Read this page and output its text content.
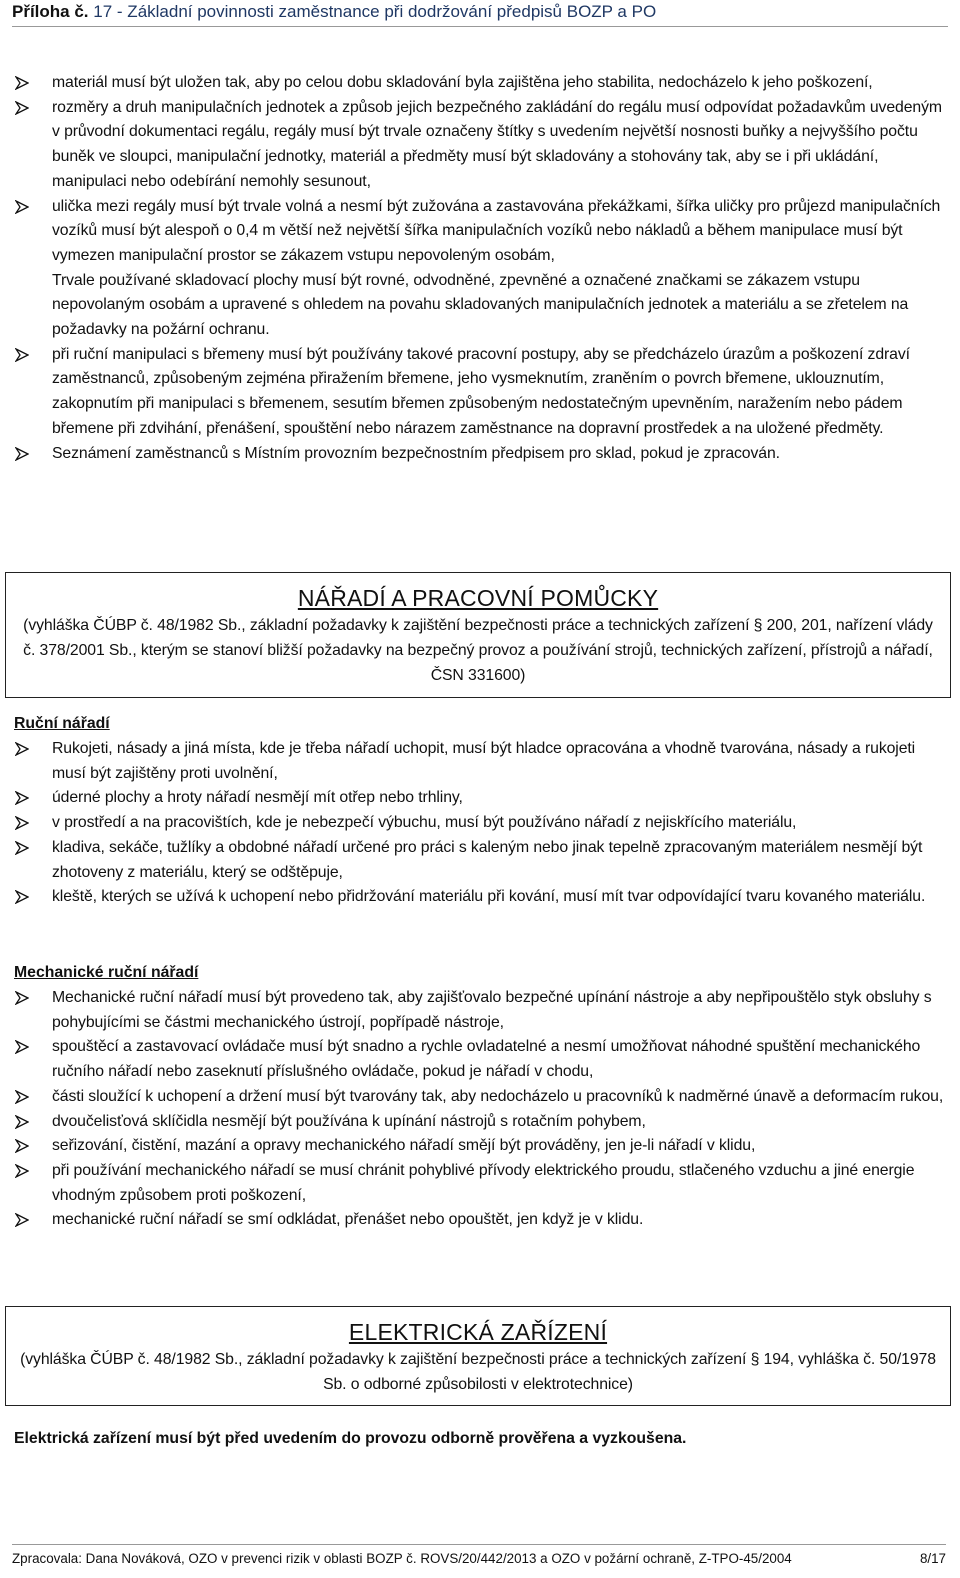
Příloha č. 17 - Základní povinnosti zaměstnance při dodržování předpisů BOZP a PO
materiál musí být uložen tak, aby po celou dobu skladování byla zajištěna jeho stabilita, nedocházelo k jeho poškození,
rozměry a druh manipulačních jednotek a způsob jejich bezpečného zakládání do regálu musí odpovídat požadavkům uvedeným v průvodní dokumentaci regálu, regály musí být trvale označeny štítky s uvedením největší nosnosti buňky a nejvyššího počtu buněk ve sloupci, manipulační jednotky, materiál a předměty musí být skladovány a stohovány tak, aby se i při ukládání, manipulaci nebo odebírání nemohly sesunout,
ulička mezi regály musí být trvale volná a nesmí být zužována a zastavována překážkami, šířka uličky pro průjezd manipulačních vozíků musí být alespoň o 0,4 m větší než největší šířka manipulačních vozíků nebo nákladů a během manipulace musí být vymezen manipulační prostor se zákazem vstupu nepovoleným osobám,
Trvale používané skladovací plochy musí být rovné, odvodněné, zpevněné a označené značkami se zákazem vstupu nepovolaným osobám a upravené s ohledem na povahu skladovaných manipulačních jednotek a materiálu a se zřetelem na požadavky na požární ochranu.
při ruční manipulaci s břemeny musí být používány takové pracovní postupy, aby se předcházelo úrazům a poškození zdraví zaměstnanců, způsobeným zejména přiražením břemene, jeho vysmeknutím, zraněním o povrch břemene, uklouznutím, zakopnutím při manipulaci s břemenem, sesutím břemen způsobeným nedostatečným upevněním, naražením nebo pádem břemene při zdvihání, přenášení, spouštění nebo nárazem zaměstnance na dopravní prostředek a na uložené předměty.
Seznámení zaměstnanců s Místním provozním bezpečnostním předpisem pro sklad, pokud je zpracován.
NÁŘADÍ A PRACOVNÍ POMŮCKY
(vyhláška ČÚBP č. 48/1982 Sb., základní požadavky k zajištění bezpečnosti práce a technických zařízení § 200, 201, nařízení vlády č. 378/2001 Sb., kterým se stanoví bližší požadavky na bezpečný provoz a používání strojů, technických zařízení, přístrojů a nářadí, ČSN 331600)
Ruční nářadí
Rukojeti, násady a jiná místa, kde je třeba nářadí uchopit, musí být hladce opracována a vhodně tvarována, násady a rukojeti musí být zajištěny proti uvolnění,
úderné plochy a hroty nářadí nesmějí mít otřep nebo trhliny,
v prostředí a na pracovištích, kde je nebezpečí výbuchu, musí být používáno nářadí z nejiskřícího materiálu,
kladiva, sekáče, tužlíky a obdobné nářadí určené pro práci s kaleným nebo jinak tepelně zpracovaným materiálem nesmějí být zhotoveny z materiálu, který se odštěpuje,
kleště, kterých se užívá k uchopení nebo přidržování materiálu při kování, musí mít tvar odpovídající tvaru kovaného materiálu.
Mechanické ruční nářadí
Mechanické ruční nářadí musí být provedeno tak, aby zajišťovalo bezpečné upínání nástroje a aby nepřipouštělo styk obsluhy s pohybujícími se částmi mechanického ústrojí, popřípadě nástroje,
spouštěcí a zastavovací ovládače musí být snadno a rychle ovladatelné a nesmí umožňovat náhodné spuštění mechanického ručního nářadí nebo zaseknutí příslušného ovládače, pokud je nářadí v chodu,
části sloužící k uchopení a držení musí být tvarovány tak, aby nedocházelo u pracovníků k nadměrné únavě a deformacím rukou,
dvoučelisťová sklíčidla nesmějí být používána k upínání nástrojů s rotačním pohybem,
seřizování, čistění, mazání a opravy mechanického nářadí smějí být prováděny, jen je-li nářadí v klidu,
při používání mechanického nářadí se musí chránit pohyblivé přívody elektrického proudu, stlačeného vzduchu a jiné energie vhodným způsobem proti poškození,
mechanické ruční nářadí se smí odkládat, přenášet nebo opouštět, jen když je v klidu.
ELEKTRICKÁ ZAŘÍZENÍ
(vyhláška ČÚBP č. 48/1982 Sb., základní požadavky k zajištění bezpečnosti práce a technických zařízení § 194, vyhláška č. 50/1978 Sb. o odborné způsobilosti v elektrotechnice)
Elektrická zařízení musí být před uvedením do provozu odborně prověřena a vyzkoušena.
Zpracovala: Dana Nováková, OZO v prevenci rizik v oblasti BOZP č. ROVS/20/442/2013 a OZO v požární ochraně, Z-TPO-45/2004	8/17
